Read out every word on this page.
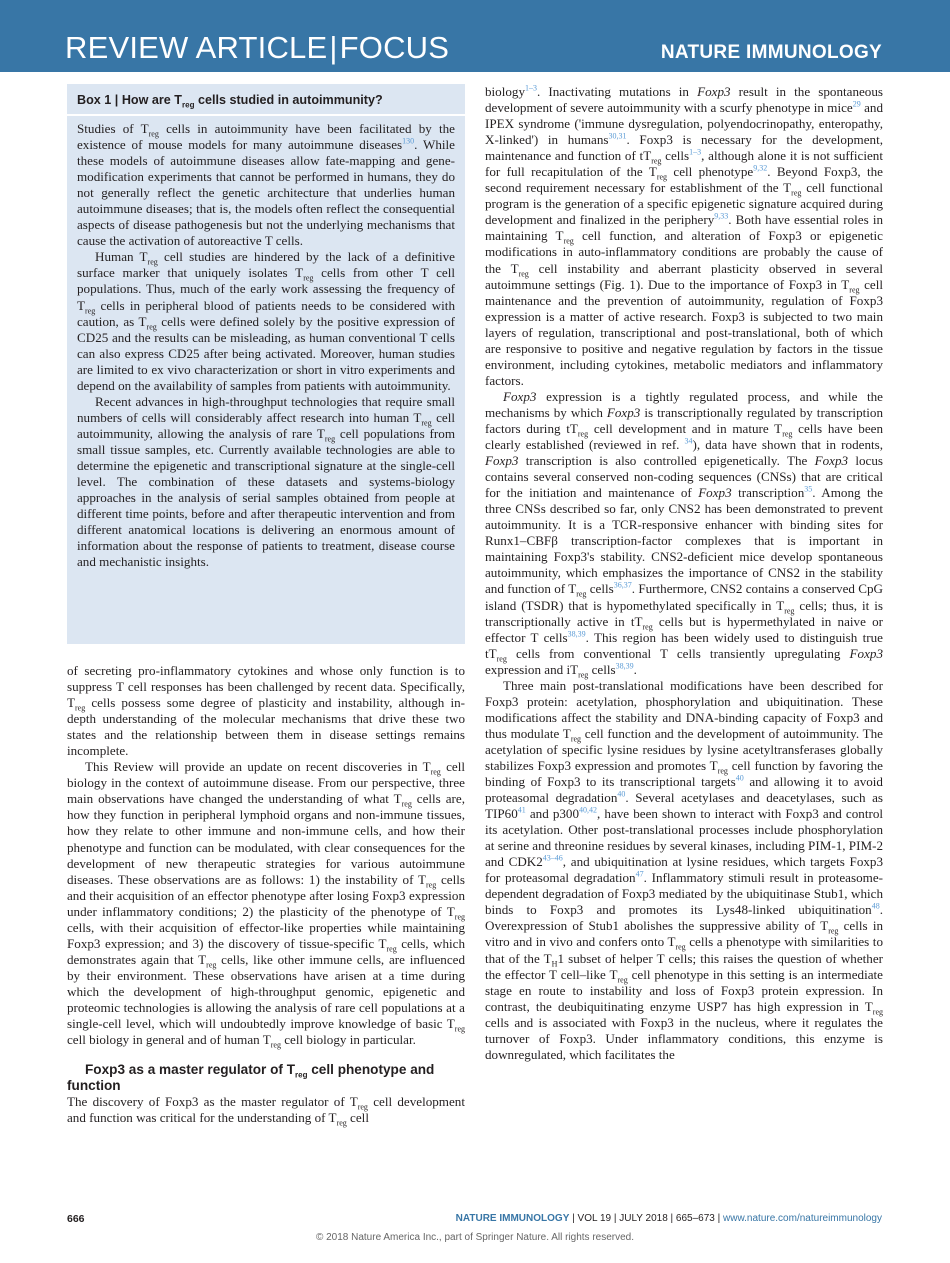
REVIEW ARTICLE|FOCUS	NATURE IMMUNOLOGY
Box 1 | How are $T_{reg}$ cells studied in autoimmunity?

Studies of $T_{reg}$ cells in autoimmunity have been facilitated by the existence of mouse models for many autoimmune diseases$^{130}$. While these models of autoimmune diseases allow fate-mapping and gene-modification experiments that cannot be performed in humans, they do not generally reflect the genetic architecture that underlies human autoimmune diseases; that is, the models often reflect the consequential aspects of disease pathogenesis but not the underlying mechanisms that cause the activation of autoreactive T cells.

Human $T_{reg}$ cell studies are hindered by the lack of a definitive surface marker that uniquely isolates $T_{reg}$ cells from other T cell populations. Thus, much of the early work assessing the frequency of $T_{reg}$ cells in peripheral blood of patients needs to be considered with caution, as $T_{reg}$ cells were defined solely by the positive expression of CD25 and the results can be misleading, as human conventional T cells can also express CD25 after being activated. Moreover, human studies are limited to ex vivo characterization or short in vitro experiments and depend on the availability of samples from patients with autoimmunity.

Recent advances in high-throughput technologies that require small numbers of cells will considerably affect research into human $T_{reg}$ cell autoimmunity, allowing the analysis of rare $T_{reg}$ cell populations from small tissue samples, etc. Currently available technologies are able to determine the epigenetic and transcriptional signature at the single-cell level. The combination of these datasets and systems-biology approaches in the analysis of serial samples obtained from people at different time points, before and after therapeutic intervention and from different anatomical locations is delivering an enormous amount of information about the response of patients to treatment, disease course and mechanistic insights.

of secreting pro-inflammatory cytokines and whose only function is to suppress T cell responses has been challenged by recent data. Specifically, $T_{reg}$ cells possess some degree of plasticity and instability, although in-depth understanding of the molecular mechanisms that drive these two states and the relationship between them in disease settings remains incomplete.

This Review will provide an update on recent discoveries in $T_{reg}$ cell biology in the context of autoimmune disease. From our perspective, three main observations have changed the understanding of what $T_{reg}$ cells are, how they function in peripheral lymphoid organs and non-immune tissues, how they relate to other immune and non-immune cells, and how their phenotype and function can be modulated, with clear consequences for the development of new therapeutic strategies for various autoimmune diseases. These observations are as follows: 1) the instability of $T_{reg}$ cells and their acquisition of an effector phenotype after losing Foxp3 expression under inflammatory conditions; 2) the plasticity of the phenotype of $T_{reg}$ cells, with their acquisition of effector-like properties while maintaining Foxp3 expression; and 3) the discovery of tissue-specific $T_{reg}$ cells, which demonstrates again that $T_{reg}$ cells, like other immune cells, are influenced by their environment. These observations have arisen at a time during which the development of high-throughput genomic, epigenetic and proteomic technologies is allowing the analysis of rare cell populations at a single-cell level, which will undoubtedly improve knowledge of basic $T_{reg}$ cell biology in general and of human $T_{reg}$ cell biology in particular.

Foxp3 as a master regulator of $T_{reg}$ cell phenotype and function

The discovery of Foxp3 as the master regulator of $T_{reg}$ cell development and function was critical for the understanding of $T_{reg}$ cell

biology$^{1-3}$. Inactivating mutations in Foxp3 result in the spontaneous development of severe autoimmunity with a scurfy phenotype in mice$^{29}$ and IPEX syndrome ('immune dysregulation, polyendocrinopathy, enteropathy, X-linked') in humans$^{30,31}$. Foxp3 is necessary for the development, maintenance and function of $tT_{reg}$ cells$^{1-3}$, although alone it is not sufficient for full recapitulation of the $T_{reg}$ cell phenotype$^{9,32}$. Beyond Foxp3, the second requirement necessary for establishment of the $T_{reg}$ cell functional program is the generation of a specific epigenetic signature acquired during development and finalized in the periphery$^{9,33}$. Both have essential roles in maintaining $T_{reg}$ cell function, and alteration of Foxp3 or epigenetic modifications in auto-inflammatory conditions are probably the cause of the $T_{reg}$ cell instability and aberrant plasticity observed in several autoimmune settings (Fig. 1). Due to the importance of Foxp3 in $T_{reg}$ cell maintenance and the prevention of autoimmunity, regulation of Foxp3 expression is a matter of active research. Foxp3 is subjected to two main layers of regulation, transcriptional and post-translational, both of which are responsive to positive and negative regulation by factors in the tissue environment, including cytokines, metabolic mediators and inflammatory factors.

Foxp3 expression is a tightly regulated process, and while the mechanisms by which Foxp3 is transcriptionally regulated by transcription factors during $tT_{reg}$ cell development and in mature $T_{reg}$ cells have been clearly established (reviewed in ref. $^{34}$), data have shown that in rodents, Foxp3 transcription is also controlled epigenetically. The Foxp3 locus contains several conserved non-coding sequences (CNSs) that are critical for the initiation and maintenance of Foxp3 transcription$^{35}$. Among the three CNSs described so far, only CNS2 has been demonstrated to prevent autoimmunity. It is a TCR-responsive enhancer with binding sites for Runx1–CBFβ transcription-factor complexes that is important in maintaining Foxp3's stability. CNS2-deficient mice develop spontaneous autoimmunity, which emphasizes the importance of CNS2 in the stability and function of $T_{reg}$ cells$^{36,37}$. Furthermore, CNS2 contains a conserved CpG island (TSDR) that is hypomethylated specifically in $T_{reg}$ cells; thus, it is transcriptionally active in $tT_{reg}$ cells but is hypermethylated in naive or effector T cells$^{38,39}$. This region has been widely used to distinguish true $tT_{reg}$ cells from conventional T cells transiently upregulating Foxp3 expression and $iT_{reg}$ cells$^{38,39}$.

Three main post-translational modifications have been described for Foxp3 protein: acetylation, phosphorylation and ubiquitination. These modifications affect the stability and DNA-binding capacity of Foxp3 and thus modulate $T_{reg}$ cell function and the development of autoimmunity. The acetylation of specific lysine residues by lysine acetyltransferases globally stabilizes Foxp3 expression and promotes $T_{reg}$ cell function by favoring the binding of Foxp3 to its transcriptional targets$^{40}$ and allowing it to avoid proteasomal degradation$^{40}$. Several acetylases and deacetylases, such as TIP60$^{41}$ and p300$^{40,42}$, have been shown to interact with Foxp3 and control its acetylation. Other post-translational processes include phosphorylation at serine and threonine residues by several kinases, including PIM-1, PIM-2 and CDK2$^{43-46}$, and ubiquitination at lysine residues, which targets Foxp3 for proteasomal degradation$^{47}$. Inflammatory stimuli result in proteasome-dependent degradation of Foxp3 mediated by the ubiquitinase Stub1, which binds to Foxp3 and promotes its Lys48-linked ubiquitination$^{48}$. Overexpression of Stub1 abolishes the suppressive ability of $T_{reg}$ cells in vitro and in vivo and confers onto $T_{reg}$ cells a phenotype with similarities to that of the $T_H1$ subset of helper T cells; this raises the question of whether the effector T cell–like $T_{reg}$ cell phenotype in this setting is an intermediate stage en route to instability and loss of Foxp3 protein expression. In contrast, the deubiquitinating enzyme USP7 has high expression in $T_{reg}$ cells and is associated with Foxp3 in the nucleus, where it regulates the turnover of Foxp3. Under inflammatory conditions, this enzyme is downregulated, which facilitates the

666	NATURE IMMUNOLOGY | VOL 19 | JULY 2018 | 665–673 | www.nature.com/natureimmunology
© 2018 Nature America Inc., part of Springer Nature. All rights reserved.
